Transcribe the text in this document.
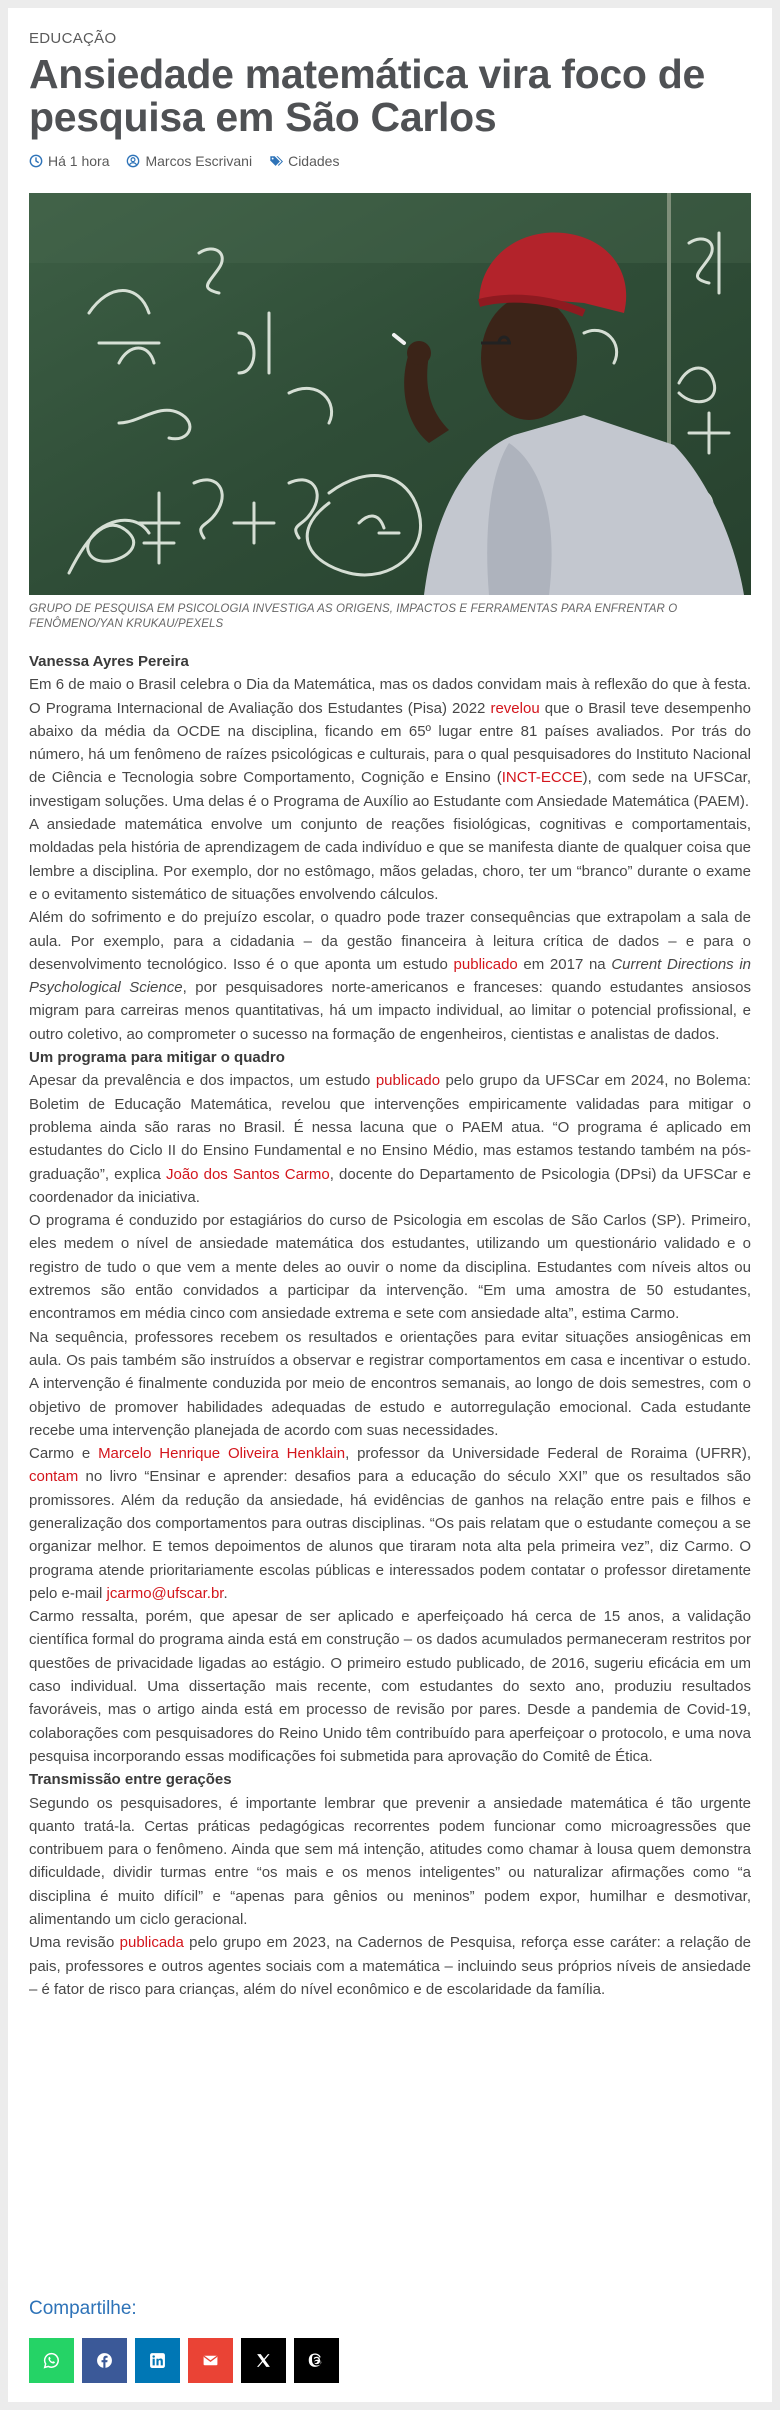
EDUCAÇÃO
Ansiedade matemática vira foco de pesquisa em São Carlos
Há 1 hora	Marcos Escrivani	Cidades

GRUPO DE PESQUISA EM PSICOLOGIA INVESTIGA AS ORIGENS, IMPACTOS E FERRAMENTAS PARA ENFRENTAR O FENÔMENO/YAN KRUKAU/PEXELS

Vanessa Ayres Pereira

Em 6 de maio o Brasil celebra o Dia da Matemática, mas os dados convidam mais à reflexão do que à festa. O Programa Internacional de Avaliação dos Estudantes (Pisa) 2022 revelou que o Brasil teve desempenho abaixo da média da OCDE na disciplina, ficando em 65º lugar entre 81 países avaliados. Por trás do número, há um fenômeno de raízes psicológicas e culturais, para o qual pesquisadores do Instituto Nacional de Ciência e Tecnologia sobre Comportamento, Cognição e Ensino (INCT-ECCE), com sede na UFSCar, investigam soluções. Uma delas é o Programa de Auxílio ao Estudante com Ansiedade Matemática (PAEM).

A ansiedade matemática envolve um conjunto de reações fisiológicas, cognitivas e comportamentais, moldadas pela história de aprendizagem de cada indivíduo e que se manifesta diante de qualquer coisa que lembre a disciplina. Por exemplo, dor no estômago, mãos geladas, choro, ter um “branco” durante o exame e o evitamento sistemático de situações envolvendo cálculos.

Além do sofrimento e do prejuízo escolar, o quadro pode trazer consequências que extrapolam a sala de aula. Por exemplo, para a cidadania – da gestão financeira à leitura crítica de dados – e para o desenvolvimento tecnológico. Isso é o que aponta um estudo publicado em 2017 na Current Directions in Psychological Science, por pesquisadores norte-americanos e franceses: quando estudantes ansiosos migram para carreiras menos quantitativas, há um impacto individual, ao limitar o potencial profissional, e outro coletivo, ao comprometer o sucesso na formação de engenheiros, cientistas e analistas de dados.

Um programa para mitigar o quadro

Apesar da prevalência e dos impactos, um estudo publicado pelo grupo da UFSCar em 2024, no Bolema: Boletim de Educação Matemática, revelou que intervenções empiricamente validadas para mitigar o problema ainda são raras no Brasil. É nessa lacuna que o PAEM atua. “O programa é aplicado em estudantes do Ciclo II do Ensino Fundamental e no Ensino Médio, mas estamos testando também na pós-graduação”, explica João dos Santos Carmo, docente do Departamento de Psicologia (DPsi) da UFSCar e coordenador da iniciativa.

O programa é conduzido por estagiários do curso de Psicologia em escolas de São Carlos (SP). Primeiro, eles medem o nível de ansiedade matemática dos estudantes, utilizando um questionário validado e o registro de tudo o que vem a mente deles ao ouvir o nome da disciplina. Estudantes com níveis altos ou extremos são então convidados a participar da intervenção. “Em uma amostra de 50 estudantes, encontramos em média cinco com ansiedade extrema e sete com ansiedade alta”, estima Carmo.

Na sequência, professores recebem os resultados e orientações para evitar situações ansiogênicas em aula. Os pais também são instruídos a observar e registrar comportamentos em casa e incentivar o estudo. A intervenção é finalmente conduzida por meio de encontros semanais, ao longo de dois semestres, com o objetivo de promover habilidades adequadas de estudo e autorregulação emocional. Cada estudante recebe uma intervenção planejada de acordo com suas necessidades.

Carmo e Marcelo Henrique Oliveira Henklain, professor da Universidade Federal de Roraima (UFRR), contam no livro “Ensinar e aprender: desafios para a educação do século XXI” que os resultados são promissores. Além da redução da ansiedade, há evidências de ganhos na relação entre pais e filhos e generalização dos comportamentos para outras disciplinas. “Os pais relatam que o estudante começou a se organizar melhor. E temos depoimentos de alunos que tiraram nota alta pela primeira vez”, diz Carmo. O programa atende prioritariamente escolas públicas e interessados podem contatar o professor diretamente pelo e-mail jcarmo@ufscar.br.

Carmo ressalta, porém, que apesar de ser aplicado e aperfeiçoado há cerca de 15 anos, a validação científica formal do programa ainda está em construção – os dados acumulados permaneceram restritos por questões de privacidade ligadas ao estágio. O primeiro estudo publicado, de 2016, sugeriu eficácia em um caso individual. Uma dissertação mais recente, com estudantes do sexto ano, produziu resultados favoráveis, mas o artigo ainda está em processo de revisão por pares. Desde a pandemia de Covid-19, colaborações com pesquisadores do Reino Unido têm contribuído para aperfeiçoar o protocolo, e uma nova pesquisa incorporando essas modificações foi submetida para aprovação do Comitê de Ética.

Transmissão entre gerações

Segundo os pesquisadores, é importante lembrar que prevenir a ansiedade matemática é tão urgente quanto tratá-la. Certas práticas pedagógicas recorrentes podem funcionar como microagressões que contribuem para o fenômeno. Ainda que sem má intenção, atitudes como chamar à lousa quem demonstra dificuldade, dividir turmas entre “os mais e os menos inteligentes” ou naturalizar afirmações como “a disciplina é muito difícil” e “apenas para gênios ou meninos” podem expor, humilhar e desmotivar, alimentando um ciclo geracional.

Uma revisão publicada pelo grupo em 2023, na Cadernos de Pesquisa, reforça esse caráter: a relação de pais, professores e outros agentes sociais com a matemática – incluindo seus próprios níveis de ansiedade – é fator de risco para crianças, além do nível econômico e de escolaridade da família.

Compartilhe:
